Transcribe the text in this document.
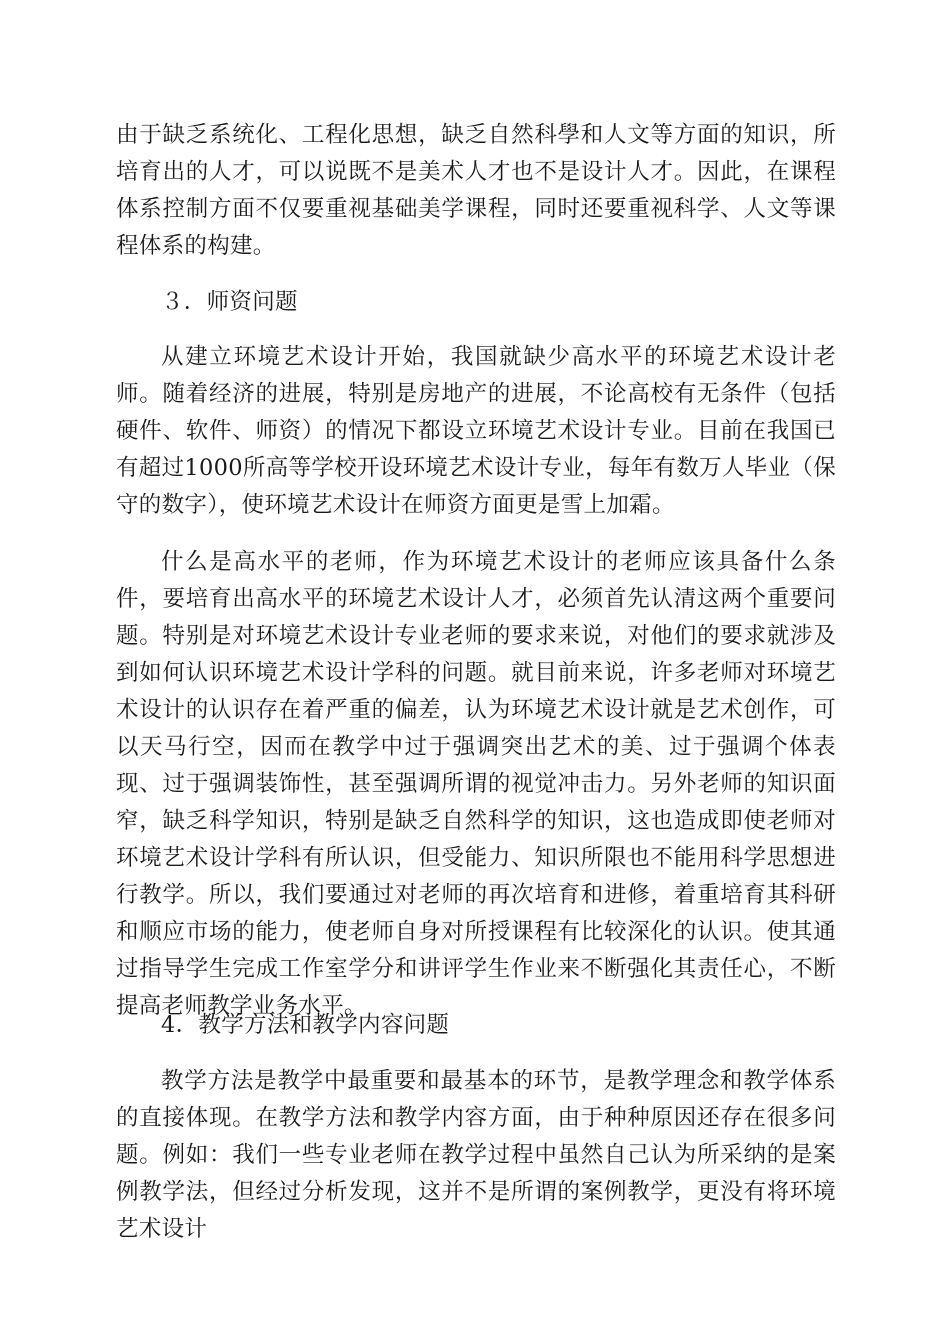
由于缺乏系统化、工程化思想，缺乏自然科學和人文等方面的知识，所培育出的人才，可以说既不是美术人才也不是设计人才。因此，在课程体系控制方面不仅要重视基础美学课程，同时还要重视科学、人文等课程体系的构建。

３．师资问题

从建立环境艺术设计开始，我国就缺少高水平的环境艺术设计老师。随着经济的进展，特别是房地产的进展，不论高校有无条件（包括硬件、软件、师资）的情况下都设立环境艺术设计专业。目前在我国已有超过1000所高等学校开设环境艺术设计专业，每年有数万人毕业（保守的数字），使环境艺术设计在师资方面更是雪上加霜。

什么是高水平的老师，作为环境艺术设计的老师应该具备什么条件，要培育出高水平的环境艺术设计人才，必须首先认清这两个重要问题。特别是对环境艺术设计专业老师的要求来说，对他们的要求就涉及到如何认识环境艺术设计学科的问题。就目前来说，许多老师对环境艺术设计的认识存在着严重的偏差，认为环境艺术设计就是艺术创作，可以天马行空，因而在教学中过于强调突出艺术的美、过于强调个体表现、过于强调装饰性，甚至强调所谓的视觉冲击力。另外老师的知识面窄，缺乏科学知识，特别是缺乏自然科学的知识，这也造成即使老师对环境艺术设计学科有所认识，但受能力、知识所限也不能用科学思想进行教学。所以，我们要通过对老师的再次培育和进修，着重培育其科研和顺应市场的能力，使老师自身对所授课程有比较深化的认识。使其通过指导学生完成工作室学分和讲评学生作业来不断强化其责任心，不断提高老师教学业务水平。

4．教学方法和教学内容问题

教学方法是教学中最重要和最基本的环节，是教学理念和教学体系的直接体现。在教学方法和教学内容方面，由于种种原因还存在很多问题。例如：我们一些专业老师在教学过程中虽然自己认为所采纳的是案例教学法，但经过分析发现，这并不是所谓的案例教学，更没有将环境艺术设计
